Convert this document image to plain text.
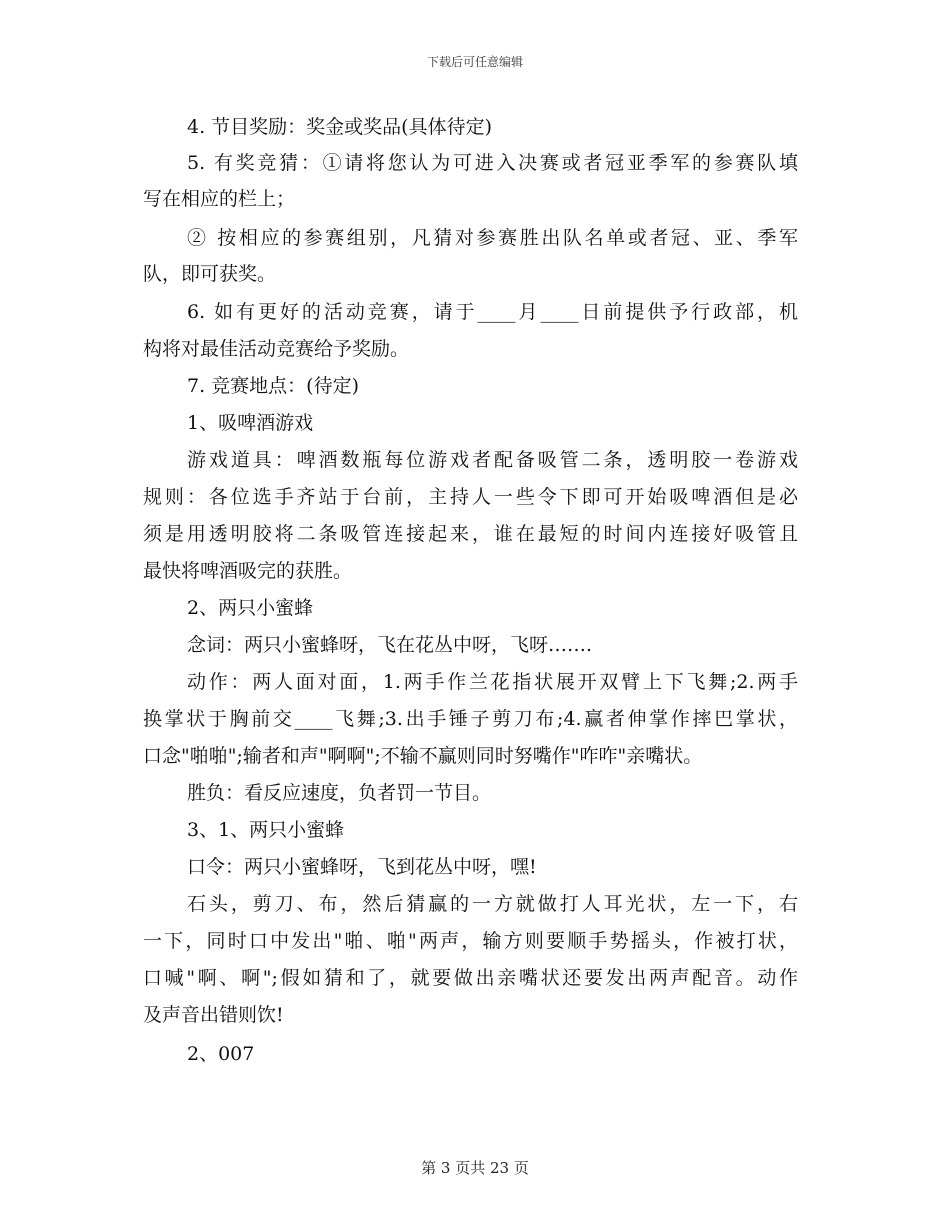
下载后可任意编辑
4. 节目奖励：奖金或奖品(具体待定)
5. 有奖竞猜：①请将您认为可进入决赛或者冠亚季军的参赛队填
写在相应的栏上；
② 按相应的参赛组别，凡猜对参赛胜出队名单或者冠、亚、季军
队，即可获奖。
6. 如有更好的活动竞赛，请于____月____日前提供予行政部，机
构将对最佳活动竞赛给予奖励。
7. 竞赛地点：(待定)
1、吸啤酒游戏
游戏道具：啤酒数瓶每位游戏者配备吸管二条，透明胶一卷游戏
规则：各位选手齐站于台前，主持人一些令下即可开始吸啤酒但是必
须是用透明胶将二条吸管连接起来，谁在最短的时间内连接好吸管且
最快将啤酒吸完的获胜。
2、两只小蜜蜂
念词：两只小蜜蜂呀，飞在花丛中呀，飞呀…….
动作：两人面对面，1.两手作兰花指状展开双臂上下飞舞;2.两手
换掌状于胸前交____飞舞;3.出手锤子剪刀布;4.赢者伸掌作摔巴掌状，
口念"啪啪";输者和声"啊啊";不输不赢则同时努嘴作"咋咋"亲嘴状。
胜负：看反应速度，负者罚一节目。
3、1、两只小蜜蜂
口令：两只小蜜蜂呀，飞到花丛中呀，嘿!
石头，剪刀、布，然后猜赢的一方就做打人耳光状，左一下，右
一下，同时口中发出"啪、啪"两声，输方则要顺手势摇头，作被打状，
口喊"啊、啊";假如猜和了，就要做出亲嘴状还要发出两声配音。动作
及声音出错则饮!
2、007
第 3 页共 23 页
